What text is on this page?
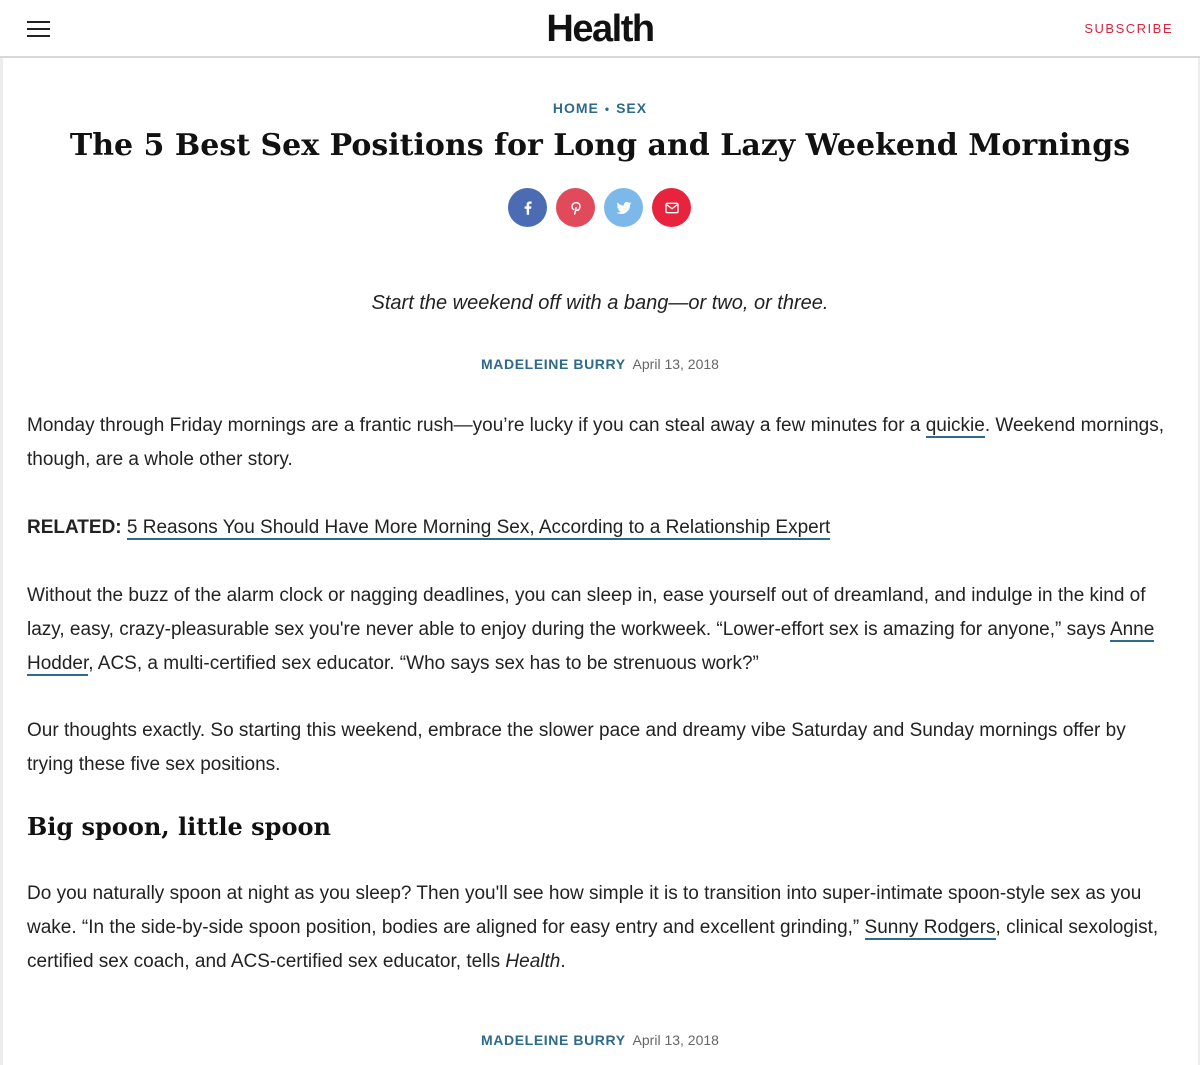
Health	SUBSCRIBE
HOME • SEX
The 5 Best Sex Positions for Long and Lazy Weekend Mornings
Start the weekend off with a bang—or two, or three.
MADELEINE BURRY April 13, 2018

Monday through Friday mornings are a frantic rush—you’re lucky if you can steal away a few minutes for a quickie. Weekend mornings, though, are a whole other story.

RELATED: 5 Reasons You Should Have More Morning Sex, According to a Relationship Expert

Without the buzz of the alarm clock or nagging deadlines, you can sleep in, ease yourself out of dreamland, and indulge in the kind of lazy, easy, crazy-pleasurable sex you're never able to enjoy during the workweek. “Lower-effort sex is amazing for anyone,” says Anne Hodder, ACS, a multi-certified sex educator. “Who says sex has to be strenuous work?”

Our thoughts exactly. So starting this weekend, embrace the slower pace and dreamy vibe Saturday and Sunday mornings offer by trying these five sex positions.

Big spoon, little spoon

Do you naturally spoon at night as you sleep? Then you'll see how simple it is to transition into super-intimate spoon-style sex as you wake. “In the side-by-side spoon position, bodies are aligned for easy entry and excellent grinding,” Sunny Rodgers, clinical sexologist, certified sex coach, and ACS-certified sex educator, tells Health.

MADELEINE BURRY April 13, 2018
